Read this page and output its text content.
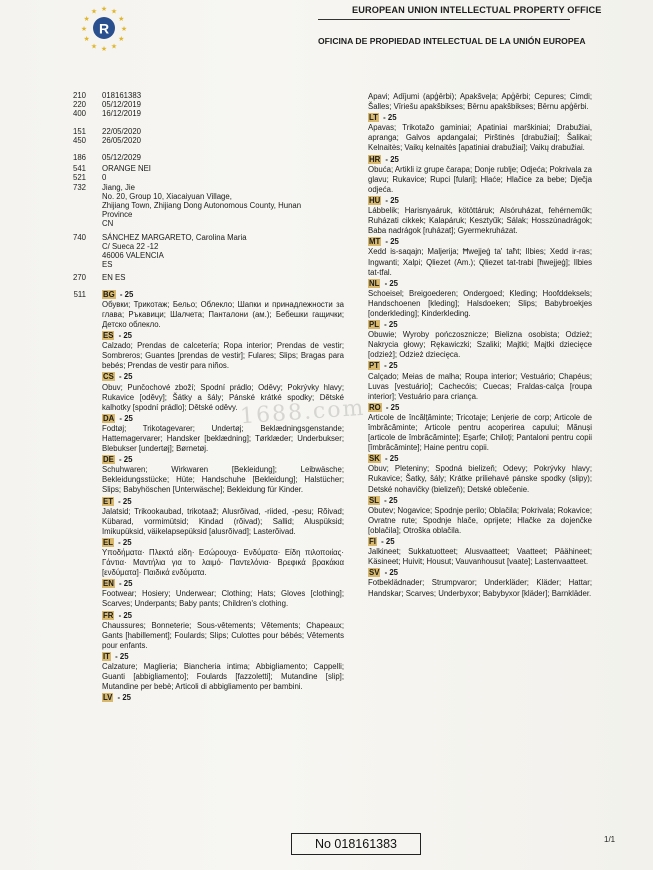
★
★
★
★
★
★
★
★
★ ★ ★
★
R
EUROPEAN UNION INTELLECTUAL PROPERTY OFFICE
OFICINA DE PROPIEDAD INTELECTUAL DE LA UNIÓN EUROPEA
210 018161383
220 05/12/2019
400 16/12/2019
151 22/05/2020
450 26/05/2020
186 05/12/2029
541 ORANGE NEI
521 0
732 Jiang, Jie
No. 20, Group 10, Xiacaiyuan Village,
Zhijiang Town, Zhijiang Dong Autonomous County, Hunan
Province
CN
740 SÁNCHEZ MARGARETO, Carolina Maria
C/ Sueca 22 -12
46006 VALENCIA
ES
270 EN ES
511 BG - 25
Обувки; Трикотаж; Бельо; Облекло; Шапки и принадлежности за глава; Ръкавици; Шалчета; Панталони (ам.); Бебешки гащички; Детско облекло.
ES - 25
Calzado; Prendas de calcetería; Ropa interior; Prendas de vestir; Sombreros; Guantes [prendas de vestir]; Fulares; Slips; Bragas para bebés; Prendas de vestir para niños.
CS - 25
Obuv; Punčochové zboží; Spodní prádlo; Oděvy; Pokrývky hlavy; Rukavice [oděvy]; Šátky a šály; Pánské krátké spodky; Dětské kalhotky [spodní prádlo]; Dětské oděvy.
DA - 25
Fodtøj; Trikotagevarer; Undertøj; Beklædningsgenstande; Hattemagervarer; Handsker [beklædning]; Tørklæder; Underbukser; Blebukser [undertøj]; Børnetøj.
DE - 25
Schuhwaren; Wirkwaren [Bekleidung]; Leibwäsche; Bekleidungsstücke; Hüte; Handschuhe [Bekleidung]; Halstücher; Slips; Babyhöschen [Unterwäsche]; Bekleidung für Kinder.
ET - 25
Jalatsid; Trikookaubad, trikotaaž; Alusrõivad, -riided, -pesu; Rõivad; Kübarad, vormimütsid; Kindad (rõivad); Sallid; Aluspüksid; Imikupüksid, väikelapsepüksid [alusrõivad]; Lasterõivad.
EL - 25
Υποδήματα· Πλεκτά είδη· Εσώρουχα· Ενδύματα· Είδη πιλοποιίας· Γάντια· Μαντήλια για το λαιμό· Παντελόνια· Βρεφικά βρακάκια [ενδύματα]· Παιδικά ενδύματα.
EN - 25
Footwear; Hosiery; Underwear; Clothing; Hats; Gloves [clothing]; Scarves; Underpants; Baby pants; Children's clothing.
FR - 25
Chaussures; Bonneterie; Sous-vêtements; Vêtements; Chapeaux; Gants [habillement]; Foulards; Slips; Culottes pour bébés; Vêtements pour enfants.
IT - 25
Calzature; Maglieria; Biancheria intima; Abbigliamento; Cappelli; Guanti [abbigliamento]; Foulards [fazzoletti]; Mutandine [slip]; Mutandine per bebè; Articoli di abbigliamento per bambini.
LV - 25
Apavi; Adījumi (apģērbi); Apakšveļa; Apģērbi; Cepures; Cimdi; Šalles; Vīriešu apakšbikses; Bērnu apakšbikses; Bērnu apģērbi.
LT - 25
Apavas; Trikotažo gaminiai; Apatiniai marškiniai; Drabužiai, apranga; Galvos apdangalai; Pirštinės [drabužiai]; Šalikai; Kelnaitės; Vaikų kelnaitės [apatiniai drabužiai]; Vaikų drabužiai.
HR - 25
Obuća; Artikli iz grupe čarapa; Donje rublje; Odjeća; Pokrivala za glavu; Rukavice; Rupci [fulari]; Hlaće; Hlačice za bebe; Dječja odjeća.
HU - 25
Lábbelik; Harisnyaáruk, kötöttáruk; Alsóruházat, fehérneműk; Ruházati cikkek; Kalapáruk; Kesztyűk; Sálak; Hosszúnadrágok; Baba nadrágok [ruházat]; Gyermekruházat.
MT - 25
Xedd is-saqajn; Maljerija; Ħwejjeġ ta' taħt; Ilbies; Xedd ir-ras; Ingwanti; Xalpi; Qliezet (Am.); Qliezet tat-trabi [ħwejjeġ]; Ilbies tat-tfal.
NL - 25
Schoeisel; Breigoederen; Ondergoed; Kleding; Hoofddeksels; Handschoenen [kleding]; Halsdoeken; Slips; Babybroekjes [onderkleding]; Kinderkleding.
PL - 25
Obuwie; Wyroby pończosznicze; Bielizna osobista; Odzież; Nakrycia głowy; Rękawiczki; Szaliki; Majtki; Majtki dziecięce [odzież]; Odzież dziecięca.
PT - 25
Calçado; Meias de malha; Roupa interior; Vestuário; Chapéus; Luvas [vestuário]; Cachecóis; Cuecas; Fraldas-calça [roupa interior]; Vestuário para criança.
RO - 25
Articole de încălțăminte; Tricotaje; Lenjerie de corp; Articole de îmbrăcăminte; Articole pentru acoperirea capului; Mănuși [articole de îmbrăcăminte]; Eșarfe; Chiloți; Pantaloni pentru copii [îmbrăcăminte]; Haine pentru copii.
SK - 25
Obuv; Pleteniny; Spodná bielizeň; Odevy; Pokrývky hlavy; Rukavice; Šatky, šály; Krátke priliehavé pánske spodky (slipy); Detské nohavičky (bielizeň); Detské oblečenie.
SL - 25
Obutev; Nogavice; Spodnje perilo; Oblačila; Pokrivala; Rokavice; Ovratne rute; Spodnje hlače, oprijete; Hlačke za dojenčke [oblačila]; Otroška oblačila.
FI - 25
Jalkineet; Sukkatuotteet; Alusvaatteet; Vaatteet; Päähineet; Käsineet; Huivit; Housut; Vauvanhousut [vaate]; Lastenvaatteet.
SV - 25
Fotbeklädnader; Strumpvaror; Underkläder; Kläder; Hattar; Handskar; Scarves; Underbyxor; Babybyxor [kläder]; Barnkläder.
1688.com
No 018161383	1/1
